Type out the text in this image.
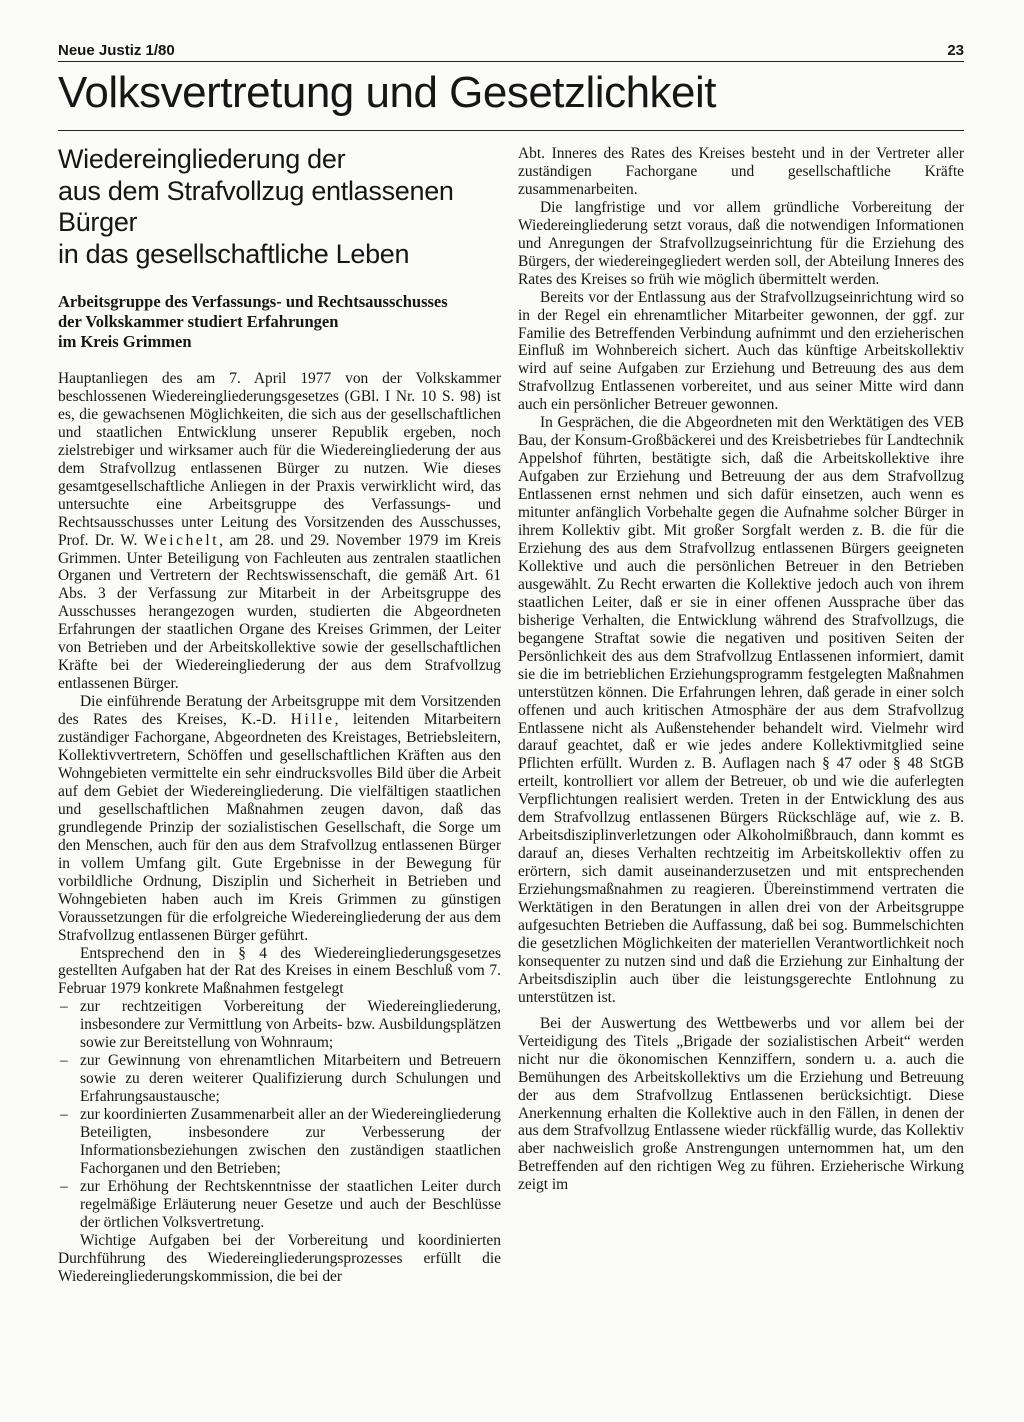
Neue Justiz 1/80	23
Volksvertretung und Gesetzlichkeit
Wiedereingliederung der
aus dem Strafvollzug entlassenen Bürger
in das gesellschaftliche Leben
Arbeitsgruppe des Verfassungs- und Rechtsausschusses
der Volkskammer studiert Erfahrungen
im Kreis Grimmen

Hauptanliegen des am 7. April 1977 von der Volkskammer beschlossenen Wiedereingliederungsgesetzes (GBl. I Nr. 10 S. 98) ist es, die gewachsenen Möglichkeiten, die sich aus der gesellschaftlichen und staatlichen Entwicklung unserer Republik ergeben, noch zielstrebiger und wirksamer auch für die Wiedereingliederung der aus dem Strafvollzug entlassenen Bürger zu nutzen. Wie dieses gesamtgesellschaftliche Anliegen in der Praxis verwirklicht wird, das untersuchte eine Arbeitsgruppe des Verfassungs- und Rechtsausschusses unter Leitung des Vorsitzenden des Ausschusses, Prof. Dr. W. Weichelt, am 28. und 29. November 1979 im Kreis Grimmen. Unter Beteiligung von Fachleuten aus zentralen staatlichen Organen und Vertretern der Rechtswissenschaft, die gemäß Art. 61 Abs. 3 der Verfassung zur Mitarbeit in der Arbeitsgruppe des Ausschusses herangezogen wurden, studierten die Abgeordneten Erfahrungen der staatlichen Organe des Kreises Grimmen, der Leiter von Betrieben und der Arbeitskollektive sowie der gesellschaftlichen Kräfte bei der Wiedereingliederung der aus dem Strafvollzug entlassenen Bürger.

Die einführende Beratung der Arbeitsgruppe mit dem Vorsitzenden des Rates des Kreises, K.-D. Hille, leitenden Mitarbeitern zuständiger Fachorgane, Abgeordneten des Kreistages, Betriebsleitern, Kollektivvertretern, Schöffen und gesellschaftlichen Kräften aus den Wohngebieten vermittelte ein sehr eindrucksvolles Bild über die Arbeit auf dem Gebiet der Wiedereingliederung. Die vielfältigen staatlichen und gesellschaftlichen Maßnahmen zeugen davon, daß das grundlegende Prinzip der sozialistischen Gesellschaft, die Sorge um den Menschen, auch für den aus dem Strafvollzug entlassenen Bürger in vollem Umfang gilt. Gute Ergebnisse in der Bewegung für vorbildliche Ordnung, Disziplin und Sicherheit in Betrieben und Wohngebieten haben auch im Kreis Grimmen zu günstigen Voraussetzungen für die erfolgreiche Wiedereingliederung der aus dem Strafvollzug entlassenen Bürger geführt.

Entsprechend den in § 4 des Wiedereingliederungsgesetzes gestellten Aufgaben hat der Rat des Kreises in einem Beschluß vom 7. Februar 1979 konkrete Maßnahmen festgelegt

– zur rechtzeitigen Vorbereitung der Wiedereingliederung, insbesondere zur Vermittlung von Arbeits- bzw. Ausbildungsplätzen sowie zur Bereitstellung von Wohnraum;
– zur Gewinnung von ehrenamtlichen Mitarbeitern und Betreuern sowie zu deren weiterer Qualifizierung durch Schulungen und Erfahrungsaustausche;
– zur koordinierten Zusammenarbeit aller an der Wiedereingliederung Beteiligten, insbesondere zur Verbesserung der Informationsbeziehungen zwischen den zuständigen staatlichen Fachorganen und den Betrieben;
– zur Erhöhung der Rechtskenntnisse der staatlichen Leiter durch regelmäßige Erläuterung neuer Gesetze und auch der Beschlüsse der örtlichen Volksvertretung.

Wichtige Aufgaben bei der Vorbereitung und koordinierten Durchführung des Wiedereingliederungsprozesses erfüllt die Wiedereingliederungskommission, die bei der

Abt. Inneres des Rates des Kreises besteht und in der Vertreter aller zuständigen Fachorgane und gesellschaftliche Kräfte zusammenarbeiten.

Die langfristige und vor allem gründliche Vorbereitung der Wiedereingliederung setzt voraus, daß die notwendigen Informationen und Anregungen der Strafvollzugseinrichtung für die Erziehung des Bürgers, der wiedereingegliedert werden soll, der Abteilung Inneres des Rates des Kreises so früh wie möglich übermittelt werden.

Bereits vor der Entlassung aus der Strafvollzugseinrichtung wird so in der Regel ein ehrenamtlicher Mitarbeiter gewonnen, der ggf. zur Familie des Betreffenden Verbindung aufnimmt und den erzieherischen Einfluß im Wohnbereich sichert. Auch das künftige Arbeitskollektiv wird auf seine Aufgaben zur Erziehung und Betreuung des aus dem Strafvollzug Entlassenen vorbereitet, und aus seiner Mitte wird dann auch ein persönlicher Betreuer gewonnen.

In Gesprächen, die die Abgeordneten mit den Werktätigen des VEB Bau, der Konsum-Großbäckerei und des Kreisbetriebes für Landtechnik Appelshof führten, bestätigte sich, daß die Arbeitskollektive ihre Aufgaben zur Erziehung und Betreuung der aus dem Strafvollzug Entlassenen ernst nehmen und sich dafür einsetzen, auch wenn es mitunter anfänglich Vorbehalte gegen die Aufnahme solcher Bürger in ihrem Kollektiv gibt. Mit großer Sorgfalt werden z. B. die für die Erziehung des aus dem Strafvollzug entlassenen Bürgers geeigneten Kollektive und auch die persönlichen Betreuer in den Betrieben ausgewählt. Zu Recht erwarten die Kollektive jedoch auch von ihrem staatlichen Leiter, daß er sie in einer offenen Aussprache über das bisherige Verhalten, die Entwicklung während des Strafvollzugs, die begangene Straftat sowie die negativen und positiven Seiten der Persönlichkeit des aus dem Strafvollzug Entlassenen informiert, damit sie die im betrieblichen Erziehungsprogramm festgelegten Maßnahmen unterstützen können. Die Erfahrungen lehren, daß gerade in einer solch offenen und auch kritischen Atmosphäre der aus dem Strafvollzug Entlassene nicht als Außenstehender behandelt wird. Vielmehr wird darauf geachtet, daß er wie jedes andere Kollektivmitglied seine Pflichten erfüllt. Wurden z. B. Auflagen nach § 47 oder § 48 StGB erteilt, kontrolliert vor allem der Betreuer, ob und wie die auferlegten Verpflichtungen realisiert werden. Treten in der Entwicklung des aus dem Strafvollzug entlassenen Bürgers Rückschläge auf, wie z. B. Arbeitsdisziplinverletzungen oder Alkoholmißbrauch, dann kommt es darauf an, dieses Verhalten rechtzeitig im Arbeitskollektiv offen zu erörtern, sich damit auseinanderzusetzen und mit entsprechenden Erziehungsmaßnahmen zu reagieren. Übereinstimmend vertraten die Werktätigen in den Beratungen in allen drei von der Arbeitsgruppe aufgesuchten Betrieben die Auffassung, daß bei sog. Bummelschichten die gesetzlichen Möglichkeiten der materiellen Verantwortlichkeit noch konsequenter zu nutzen sind und daß die Erziehung zur Einhaltung der Arbeitsdisziplin auch über die leistungsgerechte Entlohnung zu unterstützen ist.

Bei der Auswertung des Wettbewerbs und vor allem bei der Verteidigung des Titels „Brigade der sozialistischen Arbeit“ werden nicht nur die ökonomischen Kennziffern, sondern u. a. auch die Bemühungen des Arbeitskollektivs um die Erziehung und Betreuung der aus dem Strafvollzug Entlassenen berücksichtigt. Diese Anerkennung erhalten die Kollektive auch in den Fällen, in denen der aus dem Strafvollzug Entlassene wieder rückfällig wurde, das Kollektiv aber nachweislich große Anstrengungen unternommen hat, um den Betreffenden auf den richtigen Weg zu führen. Erzieherische Wirkung zeigt im
